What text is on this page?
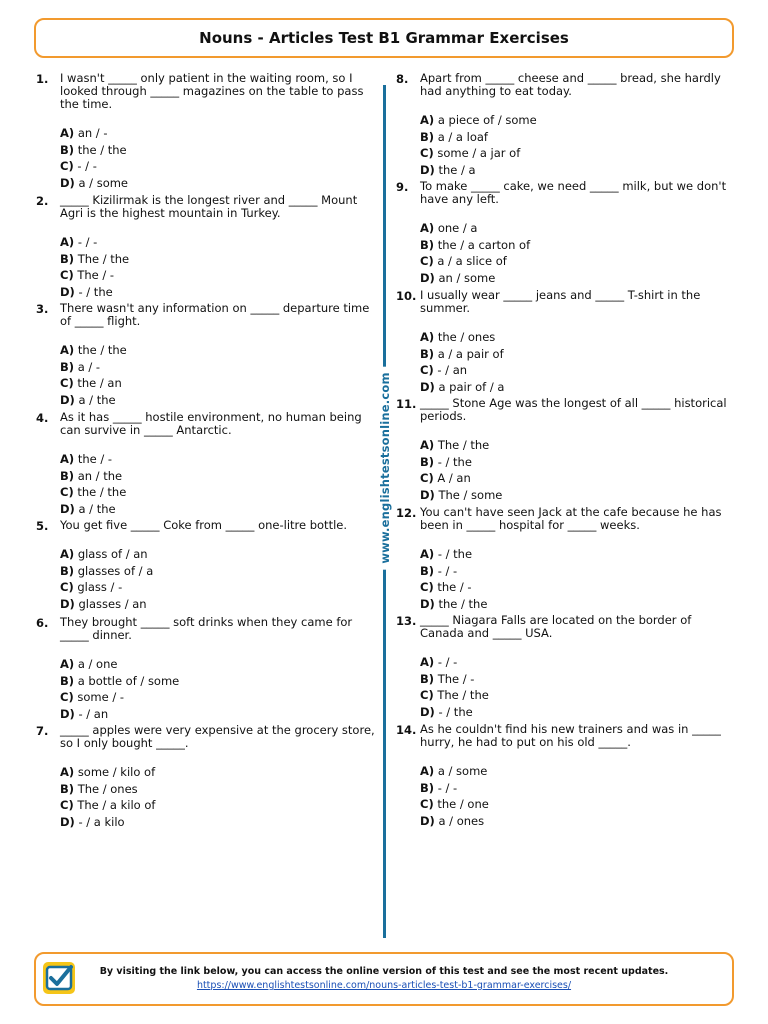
Nouns - Articles Test B1 Grammar Exercises
www.englishtestsonline.com
1. I wasn't _____ only patient in the waiting room, so I looked through _____ magazines on the table to pass the time.
A) an / -
B) the / the
C) - / -
D) a / some
2. _____ Kizilirmak is the longest river and _____ Mount Agri is the highest mountain in Turkey.
A) - / -
B) The / the
C) The / -
D) - / the
3. There wasn't any information on _____ departure time of _____ flight.
A) the / the
B) a / -
C) the / an
D) a / the
4. As it has _____ hostile environment, no human being can survive in _____ Antarctic.
A) the / -
B) an / the
C) the / the
D) a / the
5. You get five _____ Coke from _____ one-litre bottle.
A) glass of / an
B) glasses of / a
C) glass / -
D) glasses / an
6. They brought _____ soft drinks when they came for _____ dinner.
A) a / one
B) a bottle of / some
C) some / -
D) - / an
7. _____ apples were very expensive at the grocery store, so I only bought _____.
A) some / kilo of
B) The / ones
C) The / a kilo of
D) - / a kilo
8. Apart from _____ cheese and _____ bread, she hardly had anything to eat today.
A) a piece of / some
B) a / a loaf
C) some / a jar of
D) the / a
9. To make _____ cake, we need _____ milk, but we don't have any left.
A) one / a
B) the / a carton of
C) a / a slice of
D) an / some
10. I usually wear _____ jeans and _____ T-shirt in the summer.
A) the / ones
B) a / a pair of
C) - / an
D) a pair of / a
11. _____ Stone Age was the longest of all _____ historical periods.
A) The / the
B) - / the
C) A / an
D) The / some
12. You can't have seen Jack at the cafe because he has been in _____ hospital for _____ weeks.
A) - / the
B) - / -
C) the / -
D) the / the
13. _____ Niagara Falls are located on the border of Canada and _____ USA.
A) - / -
B) The / -
C) The / the
D) - / the
14. As he couldn't find his new trainers and was in _____ hurry, he had to put on his old _____.
A) a / some
B) - / -
C) the / one
D) a / ones
By visiting the link below, you can access the online version of this test and see the most recent updates.
https://www.englishtestsonline.com/nouns-articles-test-b1-grammar-exercises/
